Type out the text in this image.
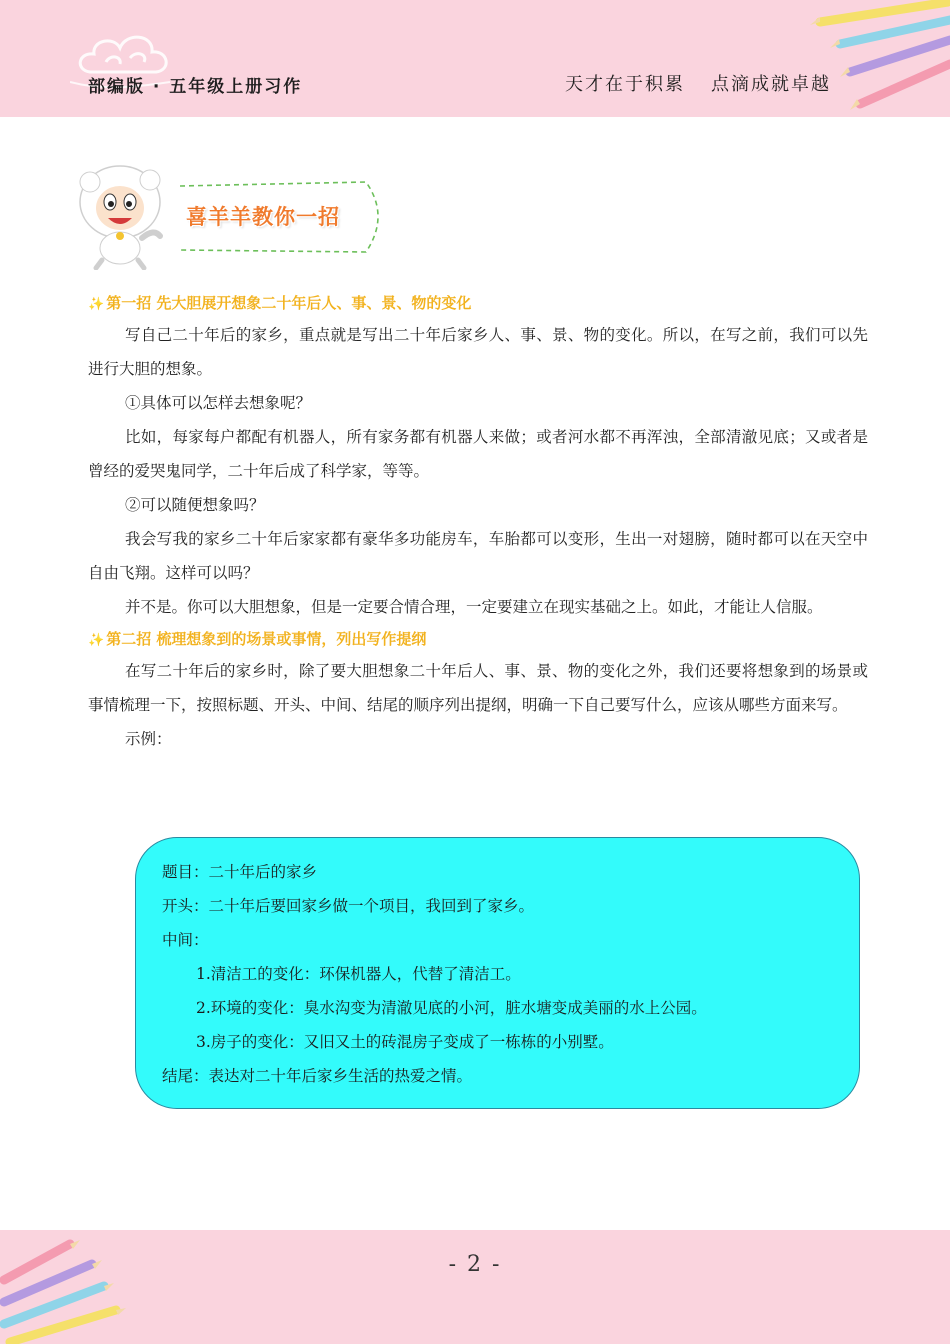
部编版 · 五年级上册习作	天才在于积累 点滴成就卓越
喜羊羊教你一招
✨ 第一招 先大胆展开想象二十年后人、事、景、物的变化

写自己二十年后的家乡，重点就是写出二十年后家乡人、事、景、物的变化。所以，在写之前，我们可以先进行大胆的想象。

①具体可以怎样去想象呢？

比如，每家每户都配有机器人，所有家务都有机器人来做；或者河水都不再浑浊，全部清澈见底；又或者是曾经的爱哭鬼同学，二十年后成了科学家，等等。

②可以随便想象吗？

我会写我的家乡二十年后家家都有豪华多功能房车，车胎都可以变形，生出一对翅膀，随时都可以在天空中自由飞翔。这样可以吗？

并不是。你可以大胆想象，但是一定要合情合理，一定要建立在现实基础之上。如此，才能让人信服。

✨ 第二招 梳理想象到的场景或事情，列出写作提纲

在写二十年后的家乡时，除了要大胆想象二十年后人、事、景、物的变化之外，我们还要将想象到的场景或事情梳理一下，按照标题、开头、中间、结尾的顺序列出提纲，明确一下自己要写什么，应该从哪些方面来写。

示例：

题目：二十年后的家乡
开头：二十年后要回家乡做一个项目，我回到了家乡。
中间：
1.清洁工的变化：环保机器人，代替了清洁工。
2.环境的变化：臭水沟变为清澈见底的小河，脏水塘变成美丽的水上公园。
3.房子的变化：又旧又土的砖混房子变成了一栋栋的小别墅。
结尾：表达对二十年后家乡生活的热爱之情。
- 2 -
